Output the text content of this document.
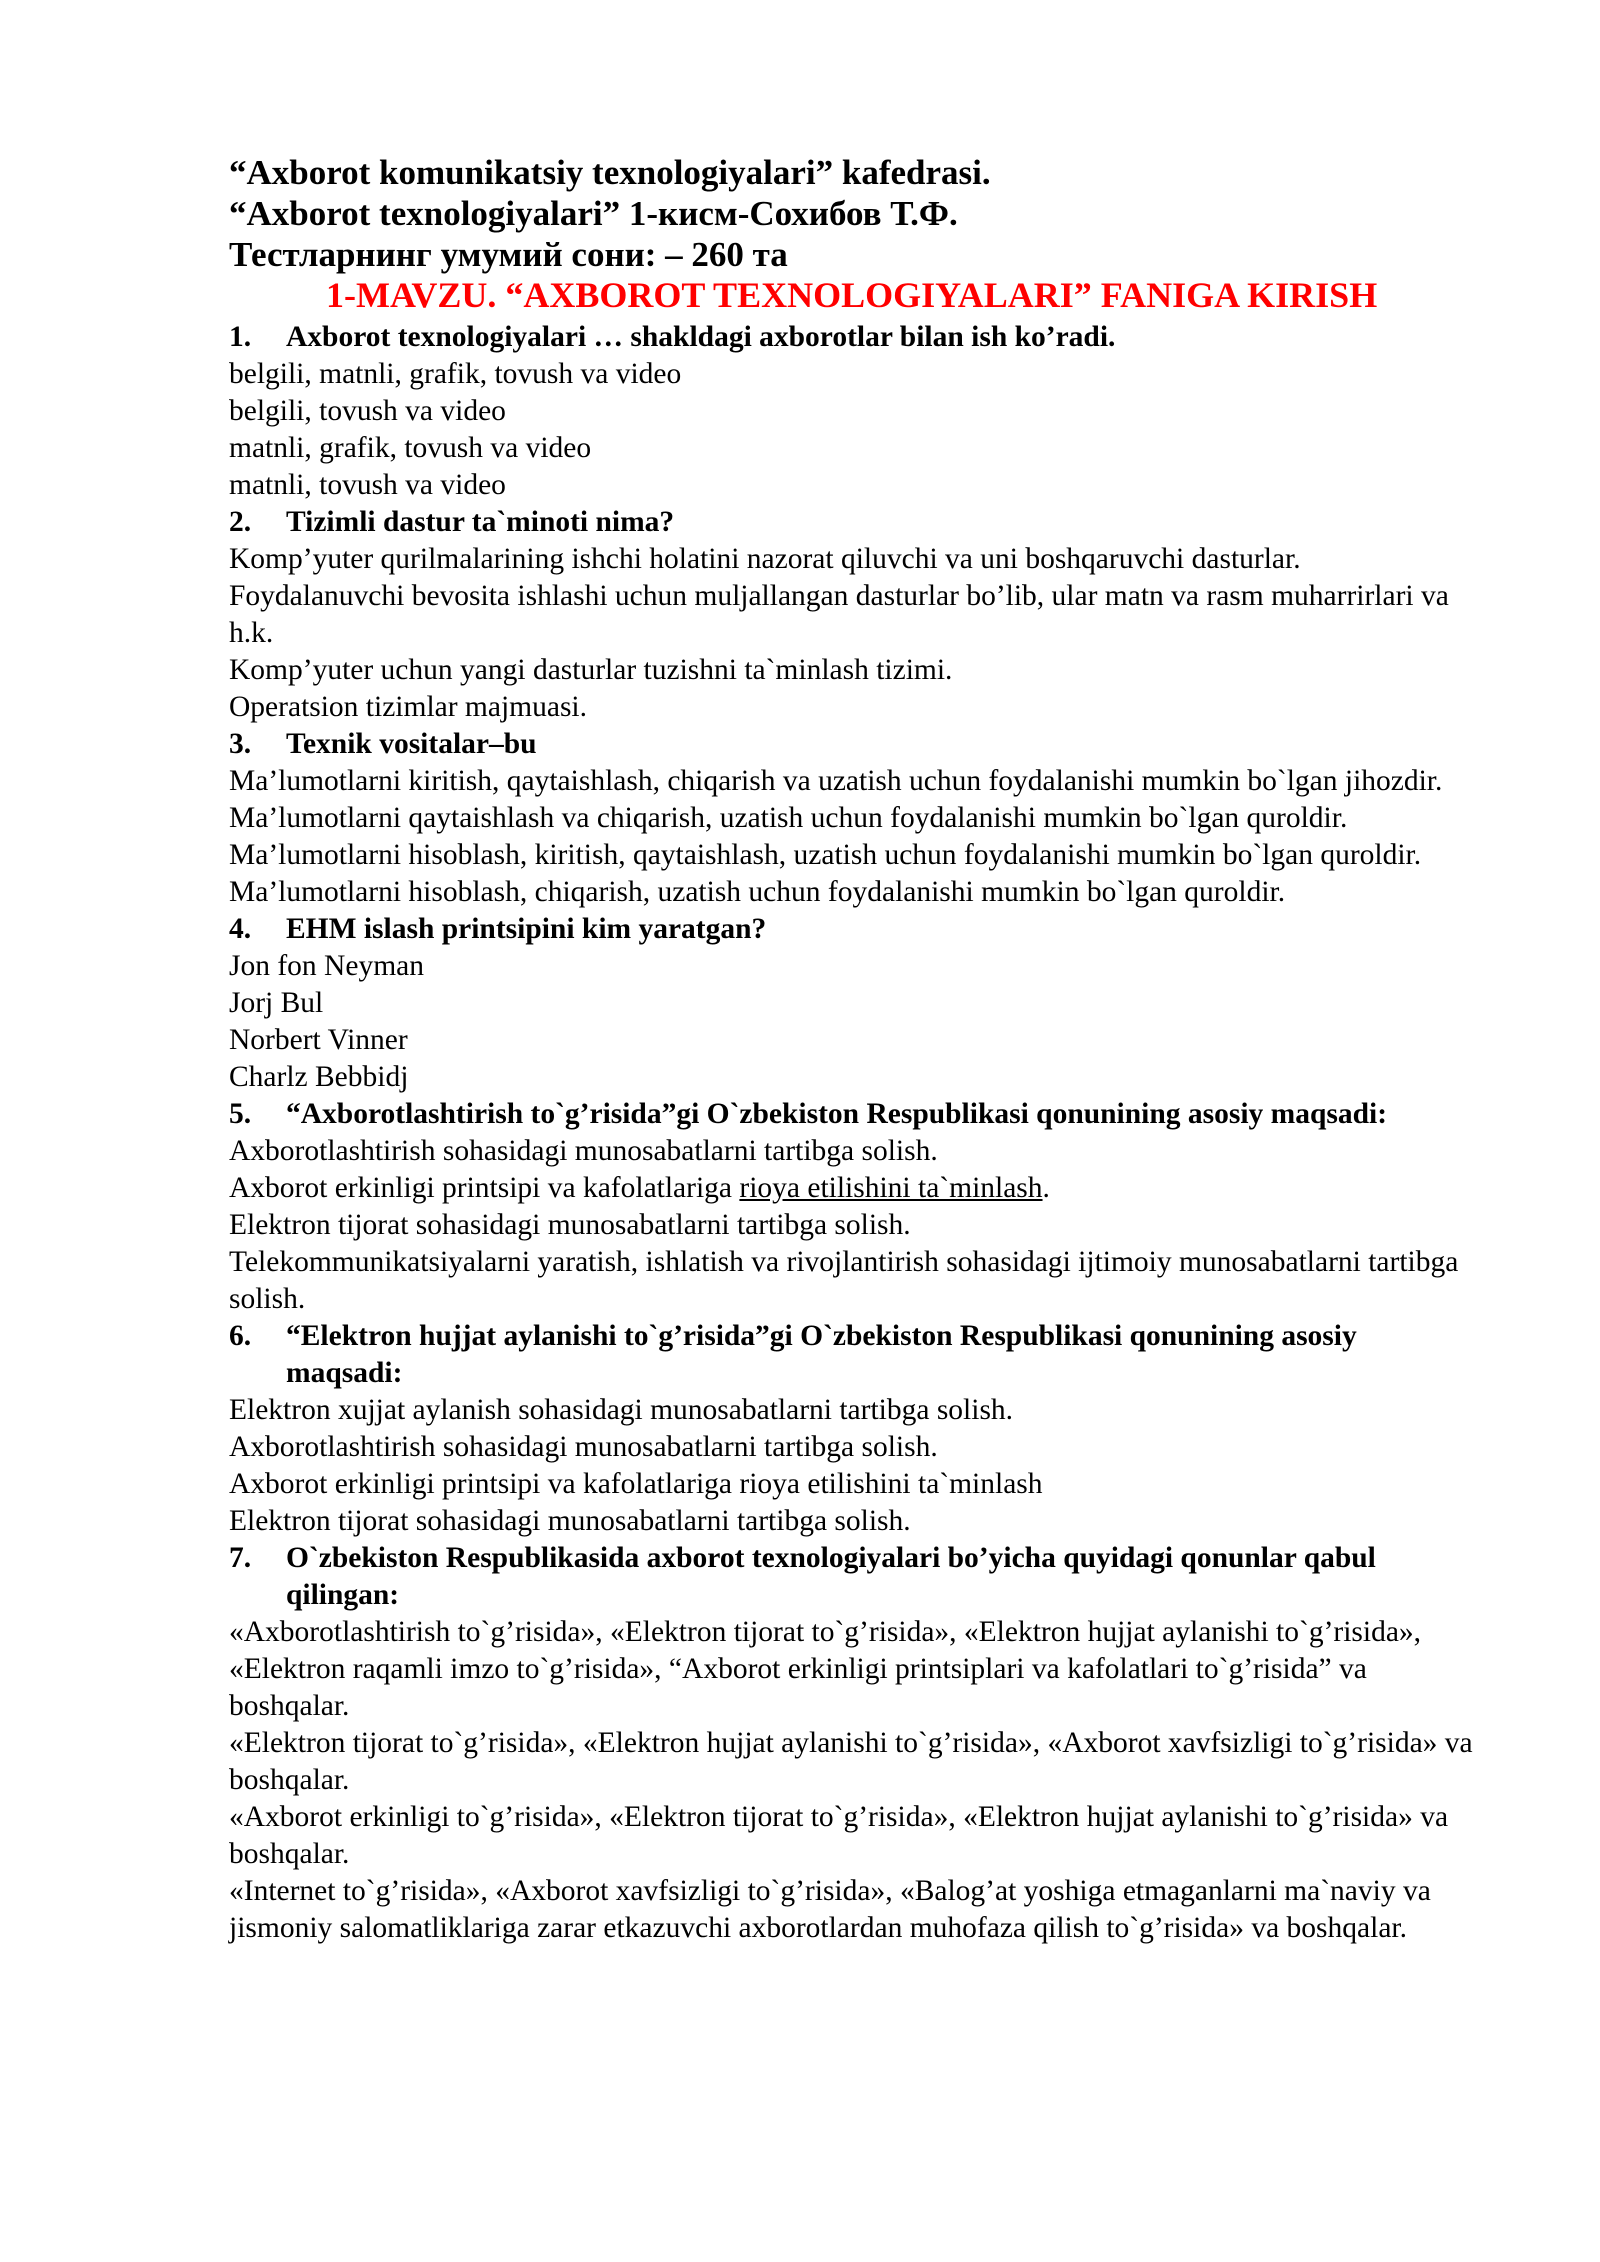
“Axborot komunikatsiy texnologiyalari” kafedrasi.

“Axborot texnologiyalari” 1-кисм-Сохибов Т.Ф.

Тестларнинг умумий сони: – 260 та

1-MAVZU. “AXBOROT TEXNOLOGIYALARI” FANIGA KIRISH

1. Axborot texnologiyalari … shakldagi axborotlar bilan ish ko’radi.

belgili, matnli, grafik, tovush va video

belgili, tovush va video

matnli, grafik, tovush va video

matnli, tovush va video

2. Tizimli dastur ta`minoti nima?

Komp’yuter qurilmalarining ishchi holatini nazorat qiluvchi va uni boshqaruvchi dasturlar.

Foydalanuvchi bevosita ishlashi uchun muljallangan dasturlar bo’lib, ular matn va rasm muharrirlari va h.k.

Komp’yuter uchun yangi dasturlar tuzishni ta`minlash tizimi.

Operatsion tizimlar majmuasi.

3. Texnik vositalar–bu

Ma’lumotlarni kiritish, qaytaishlash, chiqarish va uzatish uchun foydalanishi mumkin bo`lgan jihozdir.

Ma’lumotlarni qaytaishlash va chiqarish, uzatish uchun foydalanishi mumkin bo`lgan quroldir.

Ma’lumotlarni hisoblash, kiritish, qaytaishlash, uzatish uchun foydalanishi mumkin bo`lgan quroldir.

Ma’lumotlarni hisoblash, chiqarish, uzatish uchun foydalanishi mumkin bo`lgan quroldir.

4. EHM islash printsipini kim yaratgan?

Jon fon Neyman

Jorj Bul

Norbert Vinner

Charlz Bebbidj

5. “Axborotlashtirish to`g’risida”gi O`zbekiston Respublikasi qonunining asosiy maqsadi:

Axborotlashtirish sohasidagi munosabatlarni tartibga solish.

Axborot erkinligi printsipi va kafolatlariga rioya etilishini ta`minlash.

Elektron tijorat sohasidagi munosabatlarni tartibga solish.

Telekommunikatsiyalarni yaratish, ishlatish va rivojlantirish sohasidagi ijtimoiy munosabatlarni tartibga solish.

6. “Elektron hujjat aylanishi to`g’risida”gi O`zbekiston Respublikasi qonunining asosiy maqsadi:

Elektron xujjat aylanish sohasidagi munosabatlarni tartibga solish.

Axborotlashtirish sohasidagi munosabatlarni tartibga solish.

Axborot erkinligi printsipi va kafolatlariga rioya etilishini ta`minlash

Elektron tijorat sohasidagi munosabatlarni tartibga solish.

7. O`zbekiston Respublikasida axborot texnologiyalari bo’yicha quyidagi qonunlar qabul qilingan:

«Axborotlashtirish to`g’risida», «Elektron tijorat to`g’risida», «Elektron hujjat aylanishi to`g’risida», «Elektron raqamli imzo to`g’risida», “Axborot erkinligi printsiplari va kafolatlari to`g’risida” va boshqalar.

«Elektron tijorat to`g’risida», «Elektron hujjat aylanishi to`g’risida», «Axborot xavfsizligi to`g’risida» va boshqalar.

«Axborot erkinligi to`g’risida», «Elektron tijorat to`g’risida», «Elektron hujjat aylanishi to`g’risida» va boshqalar.

«Internet to`g’risida», «Axborot xavfsizligi to`g’risida», «Balog’at yoshiga etmaganlarni ma`naviy va jismoniy salomatliklariga zarar etkazuvchi axborotlardan muhofaza qilish to`g’risida» va boshqalar.
